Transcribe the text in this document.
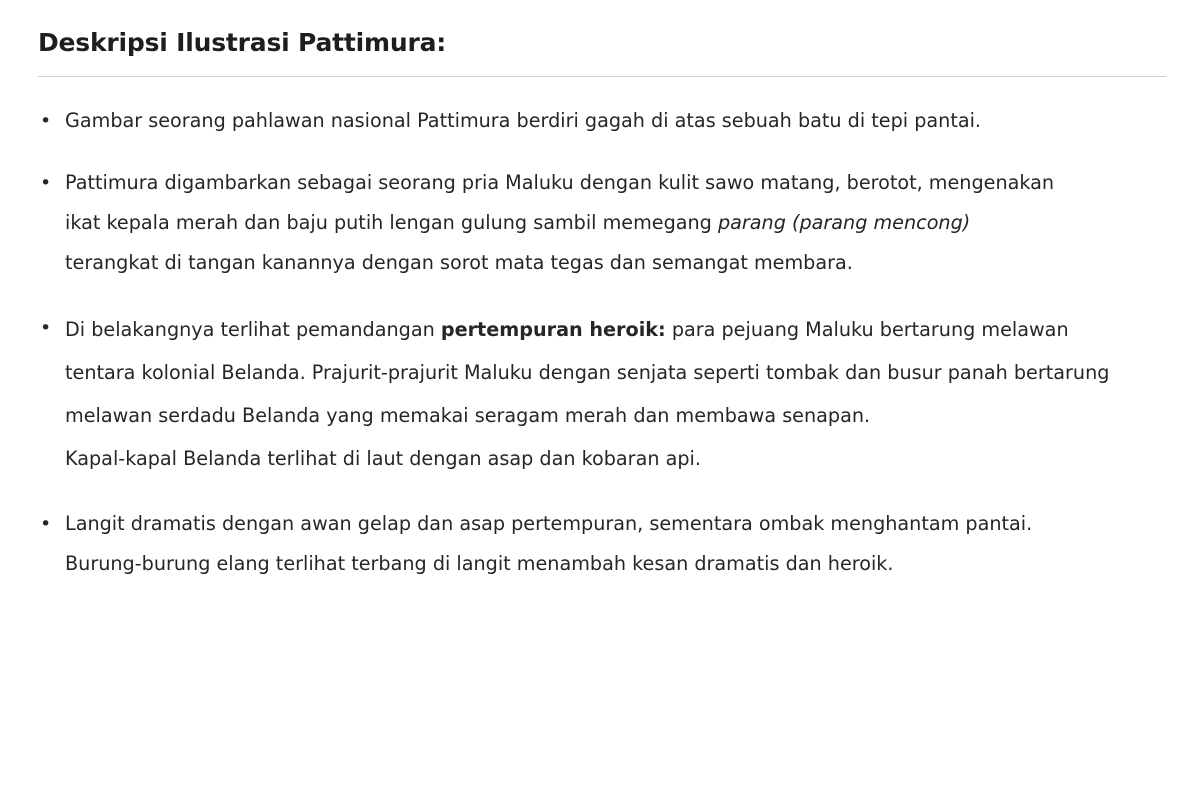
Deskripsi Ilustrasi Pattimura:
• Gambar seorang pahlawan nasional Pattimura berdiri gagah di atas sebuah batu di tepi pantai.
• Pattimura digambarkan sebagai seorang pria Maluku dengan kulit sawo matang, berotot, mengenakan
ikat kepala merah dan baju putih lengan gulung sambil memegang parang (parang mencong)
terangkat di tangan kanannya dengan sorot mata tegas dan semangat membara.
• Di belakangnya terlihat pemandangan pertempuran heroik: para pejuang Maluku bertarung melawan
tentara kolonial Belanda. Prajurit-prajurit Maluku dengan senjata seperti tombak dan busur panah bertarung
melawan serdadu Belanda yang memakai seragam merah dan membawa senapan.
Kapal-kapal Belanda terlihat di laut dengan asap dan kobaran api.
• Langit dramatis dengan awan gelap dan asap pertempuran, sementara ombak menghantam pantai.
Burung-burung elang terlihat terbang di langit menambah kesan dramatis dan heroik.
